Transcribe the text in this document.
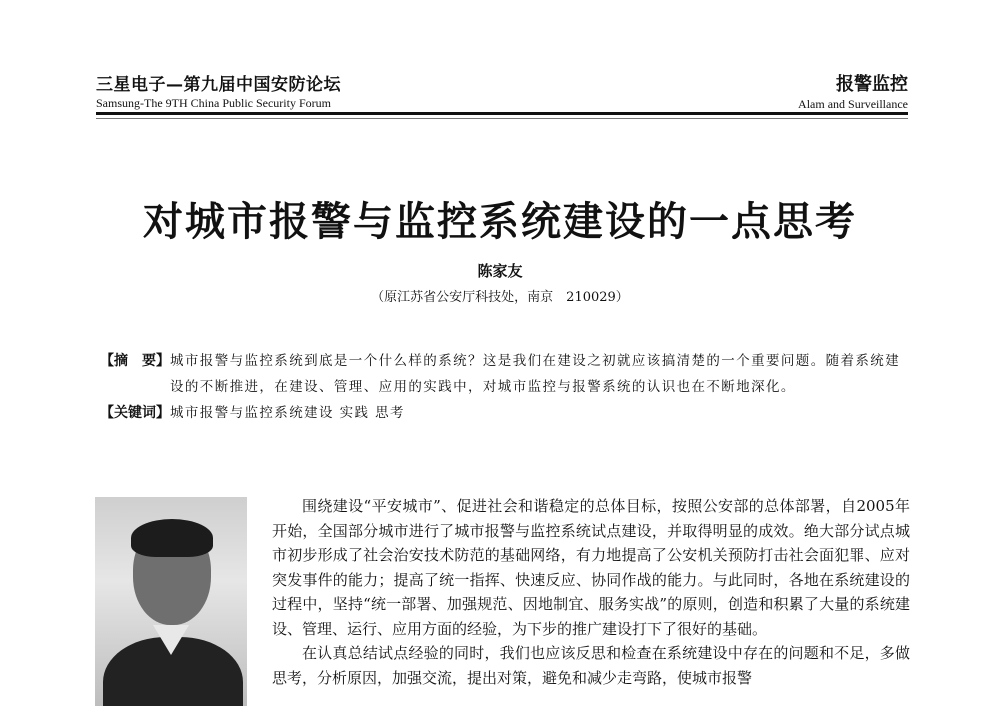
三星电子—第九届中国安防论坛
Samsung-The 9TH China Public Security Forum
报警监控
Alam and Surveillance
对城市报警与监控系统建设的一点思考
陈家友
（原江苏省公安厅科技处，南京　210029）
【摘　要】 城市报警与监控系统到底是一个什么样的系统？这是我们在建设之初就应该搞清楚的一个重要问题。随着系统建设的不断推进，在建设、管理、应用的实践中，对城市监控与报警系统的认识也在不断地深化。
【关键词】 城市报警与监控系统建设 实践 思考

围绕建设“平安城市”、促进社会和谐稳定的总体目标，按照公安部的总体部署，自2005年开始，全国部分城市进行了城市报警与监控系统试点建设，并取得明显的成效。绝大部分试点城市初步形成了社会治安技术防范的基础网络，有力地提高了公安机关预防打击社会面犯罪、应对突发事件的能力；提高了统一指挥、快速反应、协同作战的能力。与此同时，各地在系统建设的过程中，坚持“统一部署、加强规范、因地制宜、服务实战”的原则，创造和积累了大量的系统建设、管理、运行、应用方面的经验，为下步的推广建设打下了很好的基础。

在认真总结试点经验的同时，我们也应该反思和检查在系统建设中存在的问题和不足，多做思考，分析原因，加强交流，提出对策，避免和减少走弯路，使城市报警
